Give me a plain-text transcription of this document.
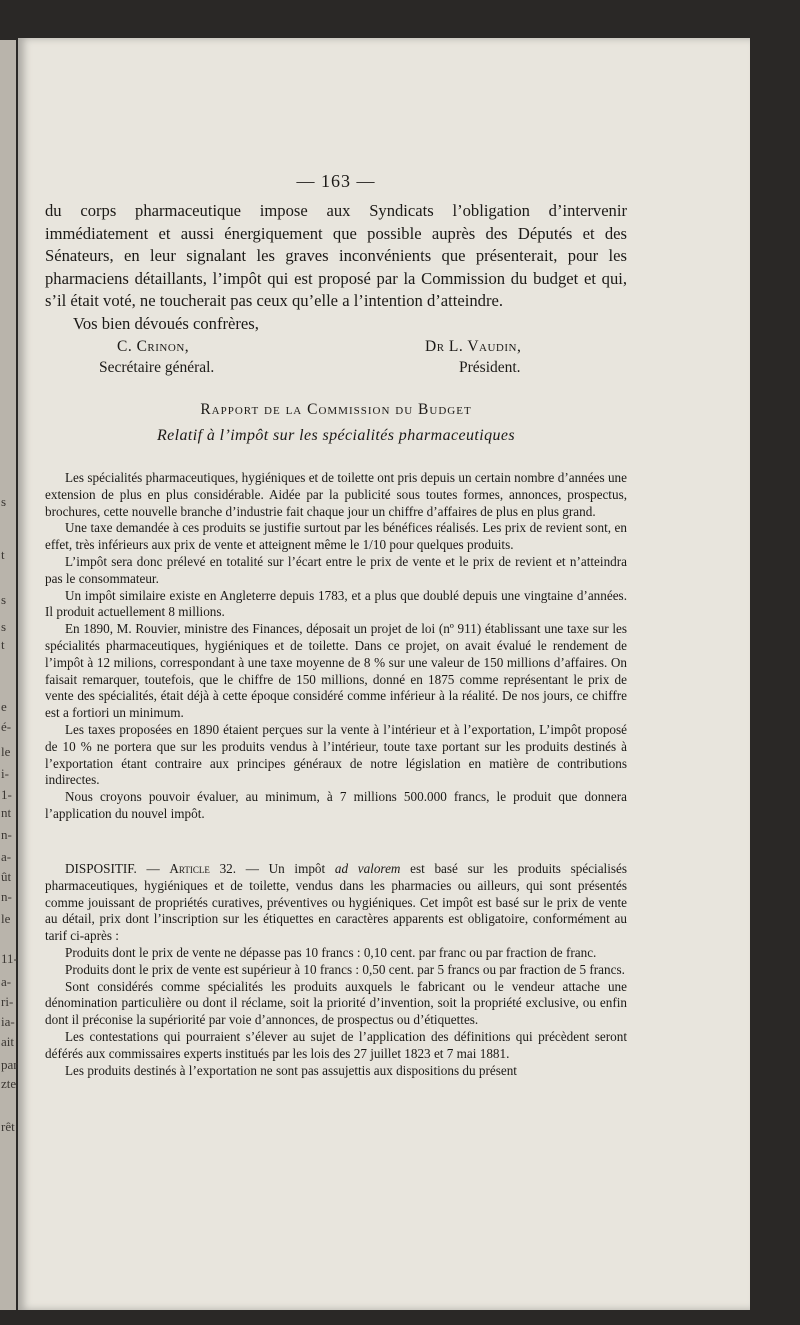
s
t
s
s
t
e
é-
le
i-
1-
nt
n-
a-
ût
n-
le
11-
a-
ri-
ia-
ait
par
zte
rêt
— 163 —

du corps pharmaceutique impose aux Syndicats l’obligation d’intervenir immédiatement et aussi énergiquement que possible auprès des Députés et des Sénateurs, en leur signalant les graves inconvénients que présenterait, pour les pharmaciens détaillants, l’impôt qui est proposé par la Commission du budget et qui, s’il était voté, ne toucherait pas ceux qu’elle a l’intention d’atteindre.

Vos bien dévoués confrères,

C. Crinon,
Secrétaire général.
Dr L. Vaudin,
Président.
Rapport de la Commission du Budget
Relatif à l’impôt sur les spécialités pharmaceutiques

Les spécialités pharmaceutiques, hygiéniques et de toilette ont pris depuis un certain nombre d’années une extension de plus en plus considérable. Aidée par la publicité sous toutes formes, annonces, prospectus, brochures, cette nouvelle branche d’industrie fait chaque jour un chiffre d’affaires de plus en plus grand.

Une taxe demandée à ces produits se justifie surtout par les bénéfices réalisés. Les prix de revient sont, en effet, très inférieurs aux prix de vente et atteignent même le 1/10 pour quelques produits.

L’impôt sera donc prélevé en totalité sur l’écart entre le prix de vente et le prix de revient et n’atteindra pas le consommateur.

Un impôt similaire existe en Angleterre depuis 1783, et a plus que doublé depuis une vingtaine d’années. Il produit actuellement 8 millions.

En 1890, M. Rouvier, ministre des Finances, déposait un projet de loi (nº 911) établissant une taxe sur les spécialités pharmaceutiques, hygiéniques et de toilette. Dans ce projet, on avait évalué le rendement de l’impôt à 12 milions, correspondant à une taxe moyenne de 8 % sur une valeur de 150 millions d’affaires. On faisait remarquer, toutefois, que le chiffre de 150 millions, donné en 1875 comme représentant le prix de vente des spécialités, était déjà à cette époque considéré comme inférieur à la réalité. De nos jours, ce chiffre est a fortiori un minimum.

Les taxes proposées en 1890 étaient perçues sur la vente à l’intérieur et à l’exportation, L’impôt proposé de 10 % ne portera que sur les produits vendus à l’intérieur, toute taxe portant sur les produits destinés à l’exportation étant contraire aux principes généraux de notre législation en matière de contributions indirectes.

Nous croyons pouvoir évaluer, au minimum, à 7 millions 500.000 francs, le produit que donnera l’application du nouvel impôt.

DISPOSITIF. — Article 32. — Un impôt ad valorem est basé sur les produits spécialisés pharmaceutiques, hygiéniques et de toilette, vendus dans les pharmacies ou ailleurs, qui sont présentés comme jouissant de propriétés curatives, préventives ou hygiéniques. Cet impôt est basé sur le prix de vente au détail, prix dont l’inscription sur les étiquettes en caractères apparents est obligatoire, conformément au tarif ci-après :

Produits dont le prix de vente ne dépasse pas 10 francs : 0,10 cent. par franc ou par fraction de franc.

Produits dont le prix de vente est supérieur à 10 francs : 0,50 cent. par 5 francs ou par fraction de 5 francs.

Sont considérés comme spécialités les produits auxquels le fabricant ou le vendeur attache une dénomination particulière ou dont il réclame, soit la priorité d’invention, soit la propriété exclusive, ou enfin dont il préconise la supériorité par voie d’annonces, de prospectus ou d’étiquettes.

Les contestations qui pourraient s’élever au sujet de l’application des définitions qui précèdent seront déférés aux commissaires experts institués par les lois des 27 juillet 1823 et 7 mai 1881.

Les produits destinés à l’exportation ne sont pas assujettis aux dispositions du présent
